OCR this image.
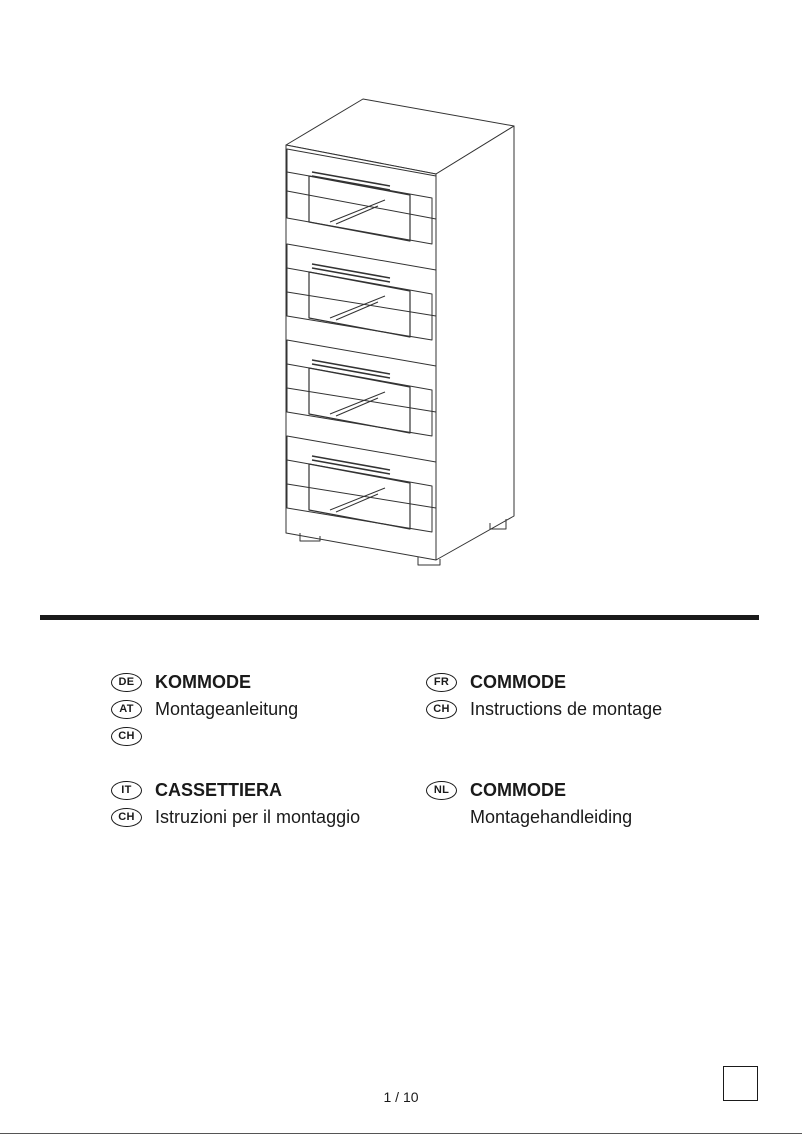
DE	KOMMODE
AT	Montageanleitung
CH
FR	COMMODE
CH	Instructions de montage
IT	CASSETTIERA
CH	Istruzioni per il montaggio
NL	COMMODE
Montagehandleiding
1 / 10
